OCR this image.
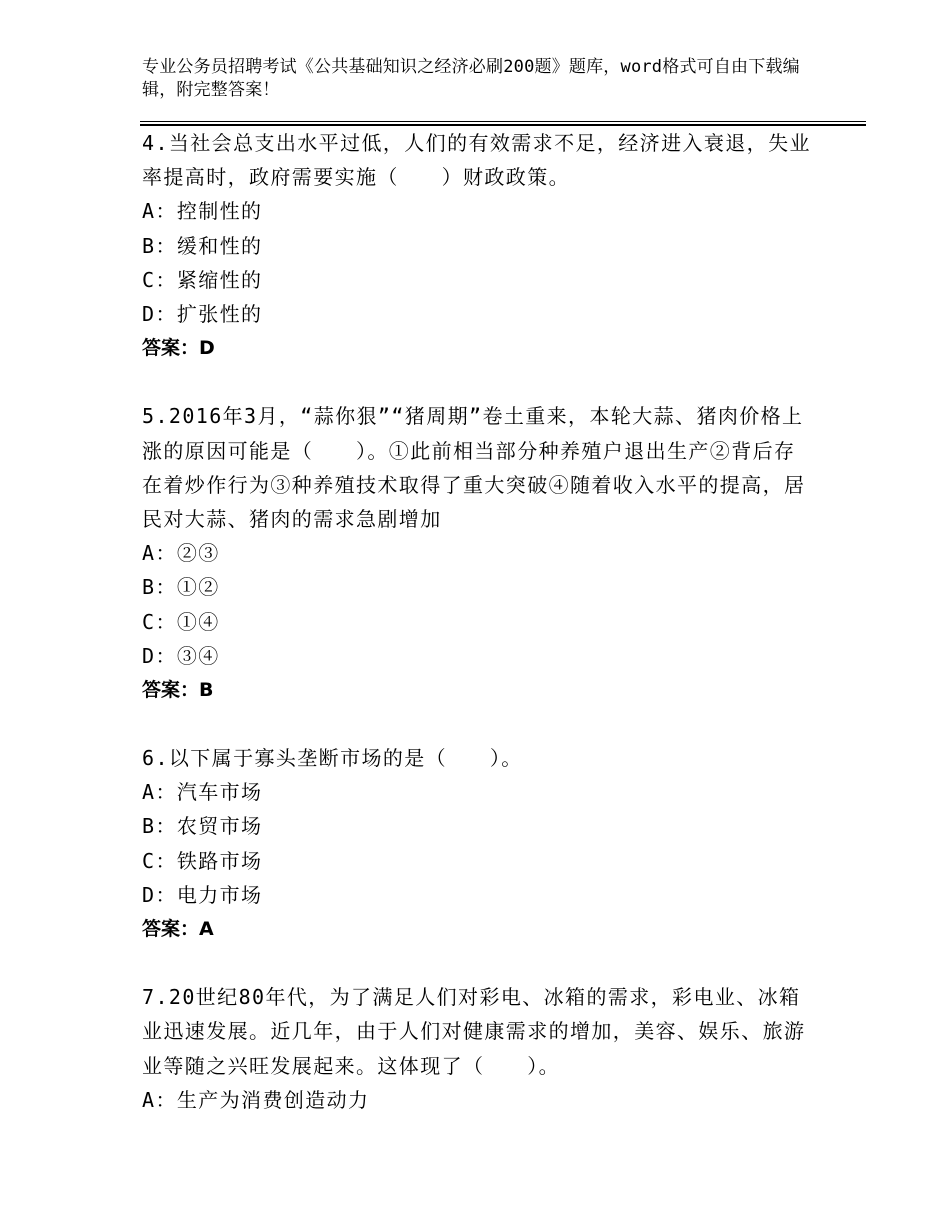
专业公务员招聘考试《公共基础知识之经济必刷200题》题库，word格式可自由下载编辑，附完整答案！

4.当社会总支出水平过低，人们的有效需求不足，经济进入衰退，失业率提高时，政府需要实施（　　）财政政策。

A：控制性的

B：缓和性的

C：紧缩性的

D：扩张性的

答案：D

5.2016年3月，“蒜你狠”“猪周期”卷土重来，本轮大蒜、猪肉价格上涨的原因可能是（　　）。①此前相当部分种养殖户退出生产②背后存在着炒作行为③种养殖技术取得了重大突破④随着收入水平的提高，居民对大蒜、猪肉的需求急剧增加

A：②③

B：①②

C：①④

D：③④

答案：B

6.以下属于寡头垄断市场的是（　　）。

A：汽车市场

B：农贸市场

C：铁路市场

D：电力市场

答案：A

7.20世纪80年代，为了满足人们对彩电、冰箱的需求，彩电业、冰箱业迅速发展。近几年，由于人们对健康需求的增加，美容、娱乐、旅游业等随之兴旺发展起来。这体现了（　　）。

A：生产为消费创造动力
